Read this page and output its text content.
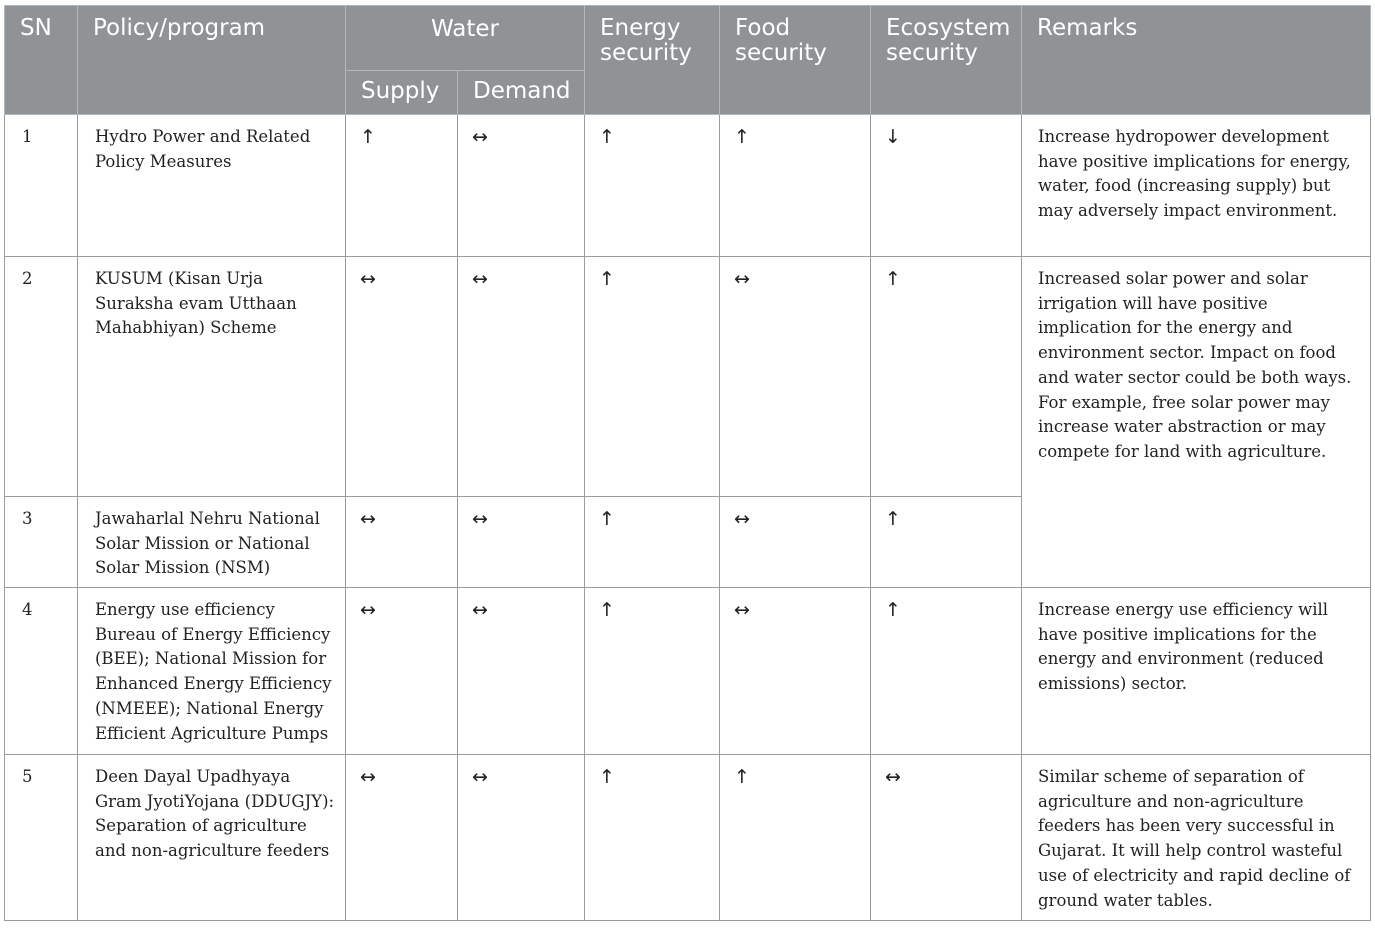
SN	Policy/program	Water		Energy security	Food security	Ecosystem security	Remarks

		Supply	Demand				

1	Hydro Power and Related Policy Measures	↑	↔	↑	↑	↓	Increase hydropower development have positive implications for energy, water, food (increasing supply) but may adversely impact environment.

2	KUSUM (Kisan Urja Suraksha evam Utthaan Mahabhiyan) Scheme	↔	↔	↑	↔	↑	Increased solar power and solar irrigation will have positive implication for the energy and environment sector. Impact on food and water sector could be both ways. For example, free solar power may increase water abstraction or may compete for land with agriculture.

3	Jawaharlal Nehru National Solar Mission or National Solar Mission (NSM)	↔	↔	↑	↔	↑	

4	Energy use efficiency Bureau of Energy Efficiency (BEE); National Mission for Enhanced Energy Efficiency (NMEEE); National Energy Efficient Agriculture Pumps	↔	↔	↑	↔	↑	Increase energy use efficiency will have positive implications for the energy and environment (reduced emissions) sector.

5	Deen Dayal Upadhyaya Gram JyotiYojana (DDUGJY): Separation of agriculture and non-agriculture feeders	↔	↔	↑	↑	↔	Similar scheme of separation of agriculture and non-agriculture feeders has been very successful in Gujarat. It will help control wasteful use of electricity and rapid decline of ground water tables.
